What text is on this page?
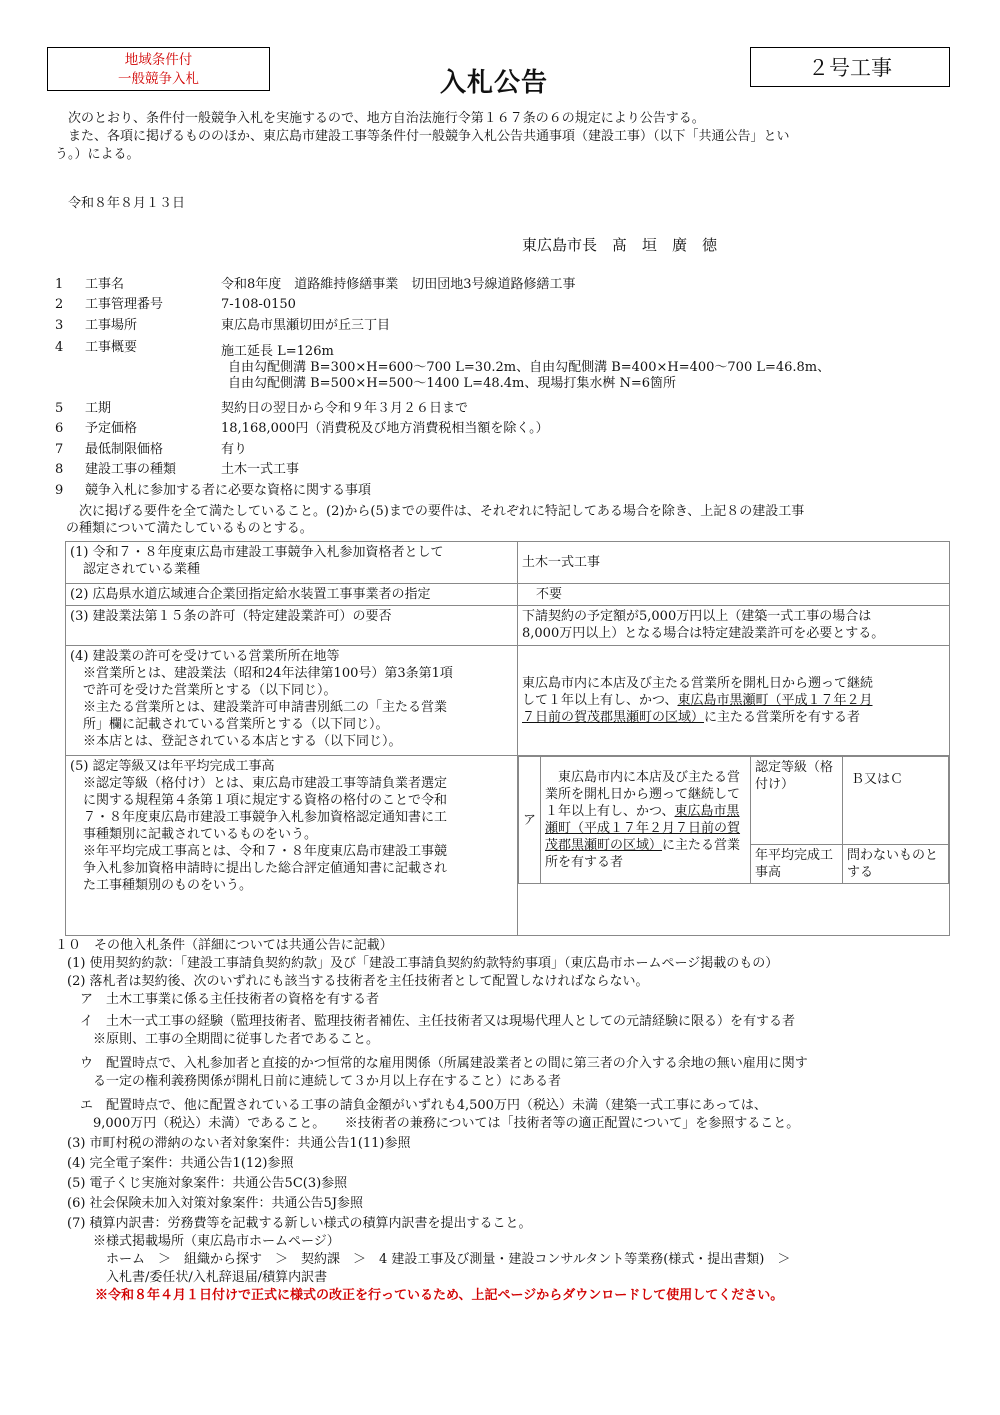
地域条件付
一般競争入札	入札公告	２号工事
次のとおり、条件付一般競争入札を実施するので、地方自治法施行令第１６７条の６の規定により公告する。
また、各項に掲げるもののほか、東広島市建設工事等条件付一般競争入札公告共通事項（建設工事）（以下「共通公告」とい
う。）による。
令和８年８月１３日
東広島市長　髙　垣　廣　徳
1	工事名	令和8年度　道路維持修繕事業　切田団地3号線道路修繕工事
2	工事管理番号	7-108-0150
3	工事場所	東広島市黒瀬切田が丘三丁目
4	工事概要	施工延長 L=126m
自由勾配側溝 B=300×H=600～700 L=30.2m、自由勾配側溝 B=400×H=400～700 L=46.8m、
自由勾配側溝 B=500×H=500～1400 L=48.4m、現場打集水桝 N=6箇所
5	工期	契約日の翌日から令和９年３月２６日まで
6	予定価格	18,168,000円（消費税及び地方消費税相当額を除く。）
7	最低制限価格	有り
8	建設工事の種類	土木一式工事
9	競争入札に参加する者に必要な資格に関する事項
次に掲げる要件を全て満たしていること。(2)から(5)までの要件は、それぞれに特記してある場合を除き、上記８の建設工事
の種類について満たしているものとする。
(1) 令和７・８年度東広島市建設工事競争入札参加資格者として
認定されている業種	土木一式工事
(2) 広島県水道広域連合企業団指定給水装置工事事業者の指定	不要
(3) 建設業法第１５条の許可（特定建設業許可）の要否	下請契約の予定額が5,000万円以上（建築一式工事の場合は
8,000万円以上）となる場合は特定建設業許可を必要とする。

(4) 建設業の許可を受けている営業所所在地等
　※営業所とは、建設業法（昭和24年法律第100号）第3条第1項
　で許可を受けた営業所とする（以下同じ）。
　※主たる営業所とは、建設業許可申請書別紙二の「主たる営業
　所」欄に記載されている営業所とする（以下同じ）。
　※本店とは、登記されている本店とする（以下同じ）。

東広島市内に本店及び主たる営業所を開札日から遡って継続
して１年以上有し、かつ、東広島市黒瀬町（平成１７年２月
７日前の賀茂郡黒瀬町の区域）に主たる営業所を有する者

(5) 認定等級又は年平均完成工事高
　※認定等級（格付け）とは、東広島市建設工事等請負業者選定
　に関する規程第４条第１項に規定する資格の格付のことで令和
　７・８年度東広島市建設工事競争入札参加資格認定通知書に工
　事種類別に記載されているものをいう。
　※年平均完成工事高とは、令和７・８年度東広島市建設工事競
　争入札参加資格申請時に提出した総合評定値通知書に記載され
　た工事種類別のものをいう。

ア	東広島市内に本店及び主たる営業所を開札日から遡って継続して１年以上有し、かつ、東広島市黒瀬町（平成１７年２月７日前の賀茂郡黒瀬町の区域）に主たる営業所を有する者	認定等級（格付け）	Ｂ又はＣ
年平均完成工事高	問わないものとする
１０　その他入札条件（詳細については共通公告に記載）
(1) 使用契約約款：「建設工事請負契約約款」及び「建設工事請負契約約款特約事項」（東広島市ホームページ掲載のもの）
(2) 落札者は契約後、次のいずれにも該当する技術者を主任技術者として配置しなければならない。
　ア　土木工事業に係る主任技術者の資格を有する者
　イ　土木一式工事の経験（監理技術者、監理技術者補佐、主任技術者又は現場代理人としての元請経験に限る）を有する者
　　※原則、工事の全期間に従事した者であること。
　ウ　配置時点で、入札参加者と直接的かつ恒常的な雇用関係（所属建設業者との間に第三者の介入する余地の無い雇用に関す
　　る一定の権利義務関係が開札日前に連続して３か月以上存在すること）にある者
　エ　配置時点で、他に配置されている工事の請負金額がいずれも4,500万円（税込）未満（建築一式工事にあっては、
　　9,000万円（税込）未満）であること。　　※技術者の兼務については「技術者等の適正配置について」を参照すること。
(3) 市町村税の滞納のない者対象案件：共通公告1(11)参照
(4) 完全電子案件：共通公告1(12)参照
(5) 電子くじ実施対象案件：共通公告5C(3)参照
(6) 社会保険未加入対策対象案件：共通公告5J参照
(7) 積算内訳書：労務費等を記載する新しい様式の積算内訳書を提出すること。
　　※様式掲載場所（東広島市ホームページ）
　　　ホーム　＞　組織から探す　＞　契約課　＞　4 建設工事及び測量・建設コンサルタント等業務(様式・提出書類)　＞
　　　入札書/委任状/入札辞退届/積算内訳書
※令和８年４月１日付けで正式に様式の改正を行っているため、上記ページからダウンロードして使用してください。
